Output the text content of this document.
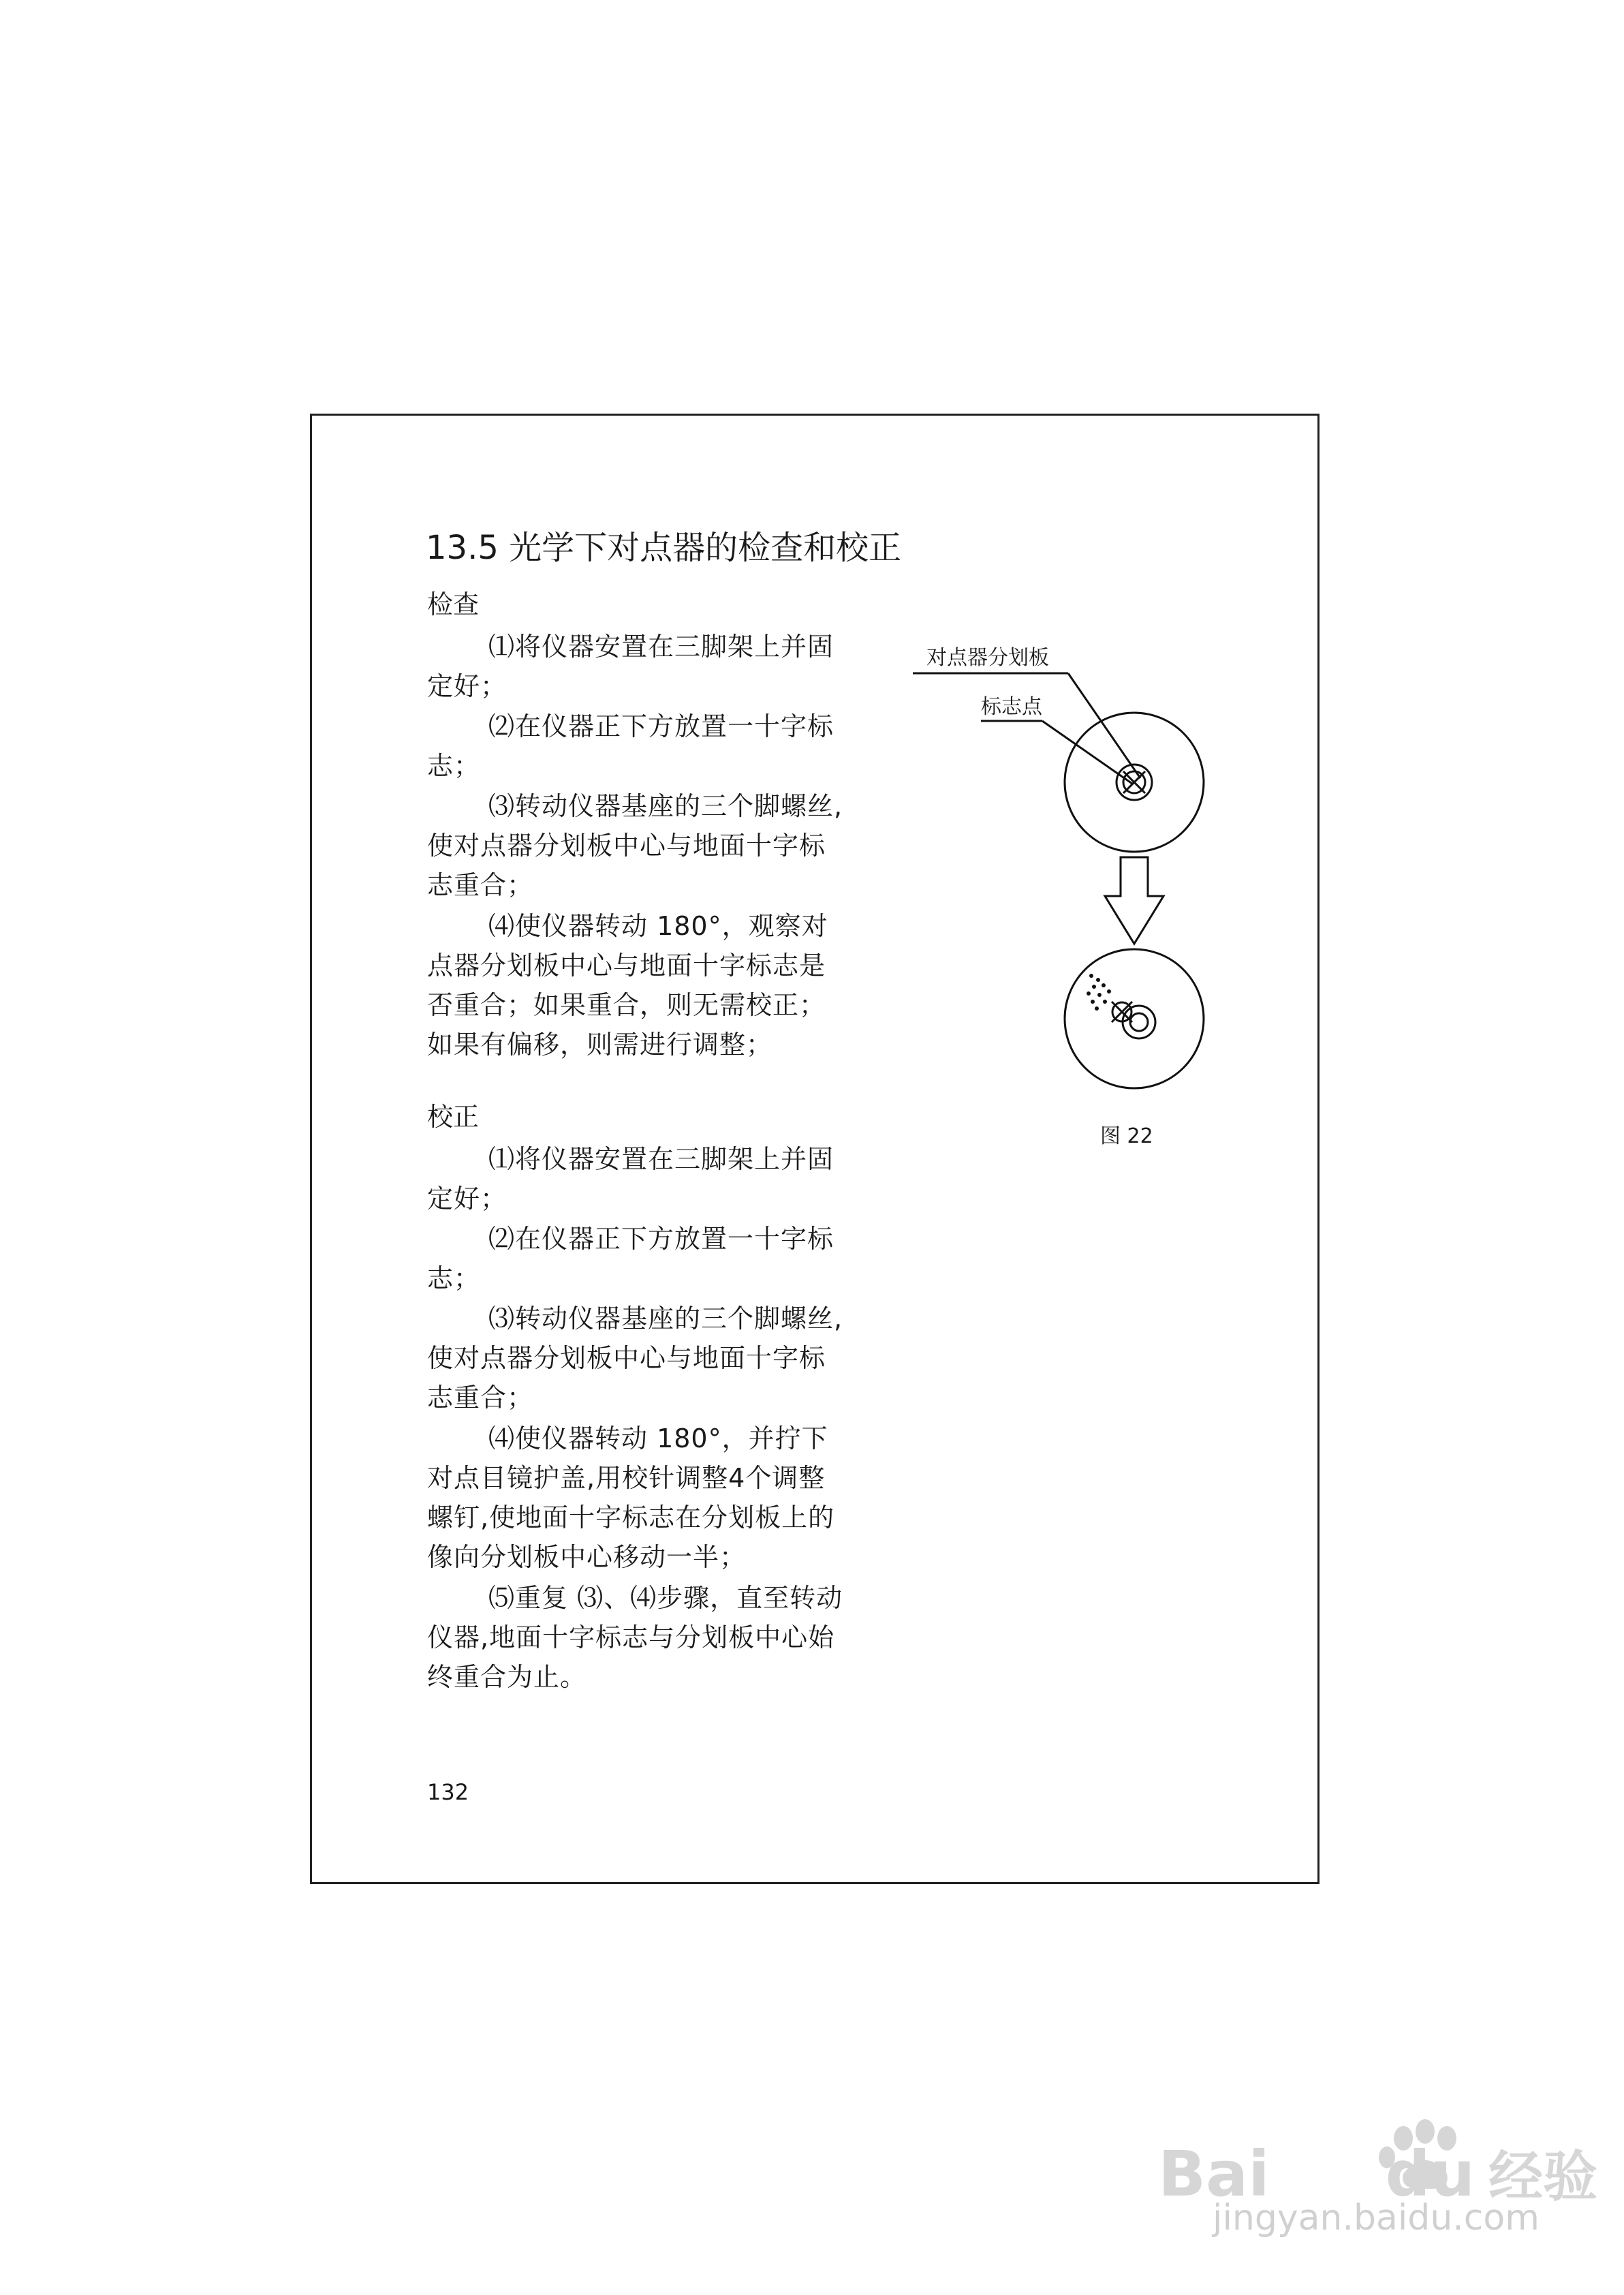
13.5 光学下对点器的检查和校正
检查

⑴将仪器安置在三脚架上并固定好；

⑵在仪器正下方放置一十字标志；

⑶转动仪器基座的三个脚螺丝,使对点器分划板中心与地面十字标志重合；

⑷使仪器转动 180°，观察对点器分划板中心与地面十字标志是否重合；如果重合，则无需校正；如果有偏移，则需进行调整；

校正

⑴将仪器安置在三脚架上并固定好；

⑵在仪器正下方放置一十字标志；

⑶转动仪器基座的三个脚螺丝,使对点器分划板中心与地面十字标志重合；

⑷使仪器转动 180°，并拧下对点目镜护盖,用校针调整4个调整螺钉,使地面十字标志在分划板上的像向分划板中心移动一半；

⑸重复 ⑶、⑷步骤，直至转动仪器,地面十字标志与分划板中心始终重合为止。

132
对点器分划板
标志点
图 22
Bai du 经验
jingyan.baidu.com
